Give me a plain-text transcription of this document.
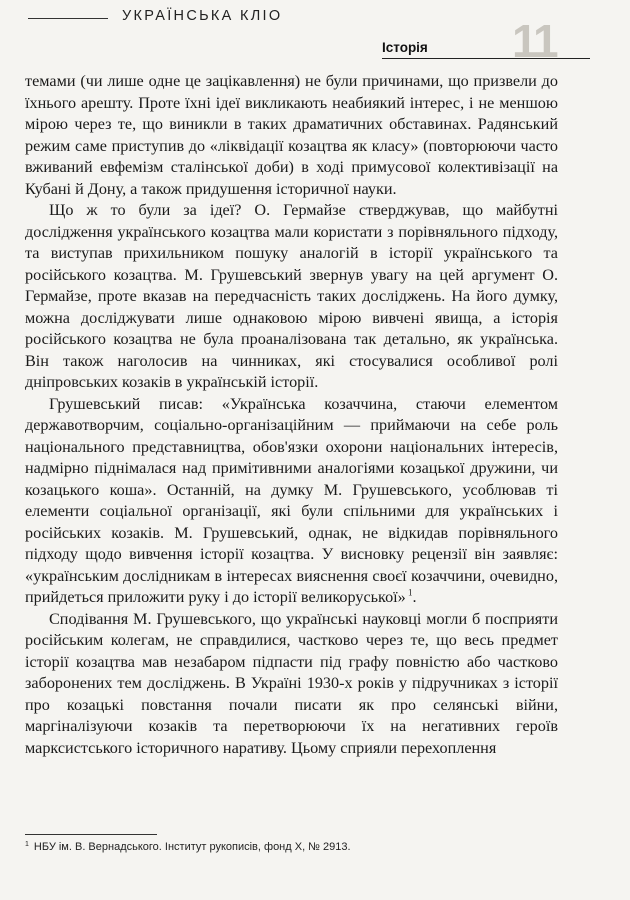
УКРАЇНСЬКА КЛІО
Історія 11

темами (чи лише одне це зацікавлення) не були причинами, що призвели до їхнього арешту. Проте їхні ідеї викликають неабиякий інтерес, і не меншою мірою через те, що виникли в таких драматичних обставинах. Радянський режим саме приступив до «ліквідації козацтва як класу» (повторюючи часто вживаний евфемізм сталінської доби) в ході примусової колективізації на Кубані й Дону, а також придушення історичної науки.

Що ж то були за ідеї? О. Гермайзе стверджував, що майбутні дослідження українського козацтва мали користати з порівняльного підходу, та виступав прихильником пошуку аналогій в історії українського та російського козацтва. М. Грушевський звернув увагу на цей аргумент О. Гермайзе, проте вказав на передчасність таких досліджень. На його думку, можна досліджувати лише однаковою мірою вивчені явища, а історія російського козацтва не була проаналізована так детально, як українська. Він також наголосив на чинниках, які стосувалися особливої ролі дніпровських козаків в українській історії.

Грушевський писав: «Українська козаччина, стаючи елементом державотворчим, соціально-організаційним — приймаючи на себе роль національного представництва, обов'язки охорони національних інтересів, надмірно піднімалася над примітивними аналогіями козацької дружини, чи козацького коша». Останній, на думку М. Грушевського, усоблював ті елементи соціальної організації, які були спільними для українських і російських козаків. М. Грушевський, однак, не відкидав порівняльного підходу щодо вивчення історії козацтва. У висновку рецензії він заявляє: «українським дослідникам в інтересах вияснення своєї козаччини, очевидно, прийдеться приложити руку і до історії великоруської» $^1$.

Сподівання М. Грушевського, що українські науковці могли б посприяти російським колегам, не справдилися, частково через те, що весь предмет історії козацтва мав незабаром підпасти під графу повністю або частково заборонених тем досліджень. В Україні 1930-х років у підручниках з історії про козацькі повстання почали писати як про селянські війни, маргіналізуючи козаків та перетворюючи їх на негативних героїв марксистського історичного наративу. Цьому сприяли перехоплення

$^1$ НБУ ім. В. Вернадського. Інститут рукописів, фонд Х, № 2913.
